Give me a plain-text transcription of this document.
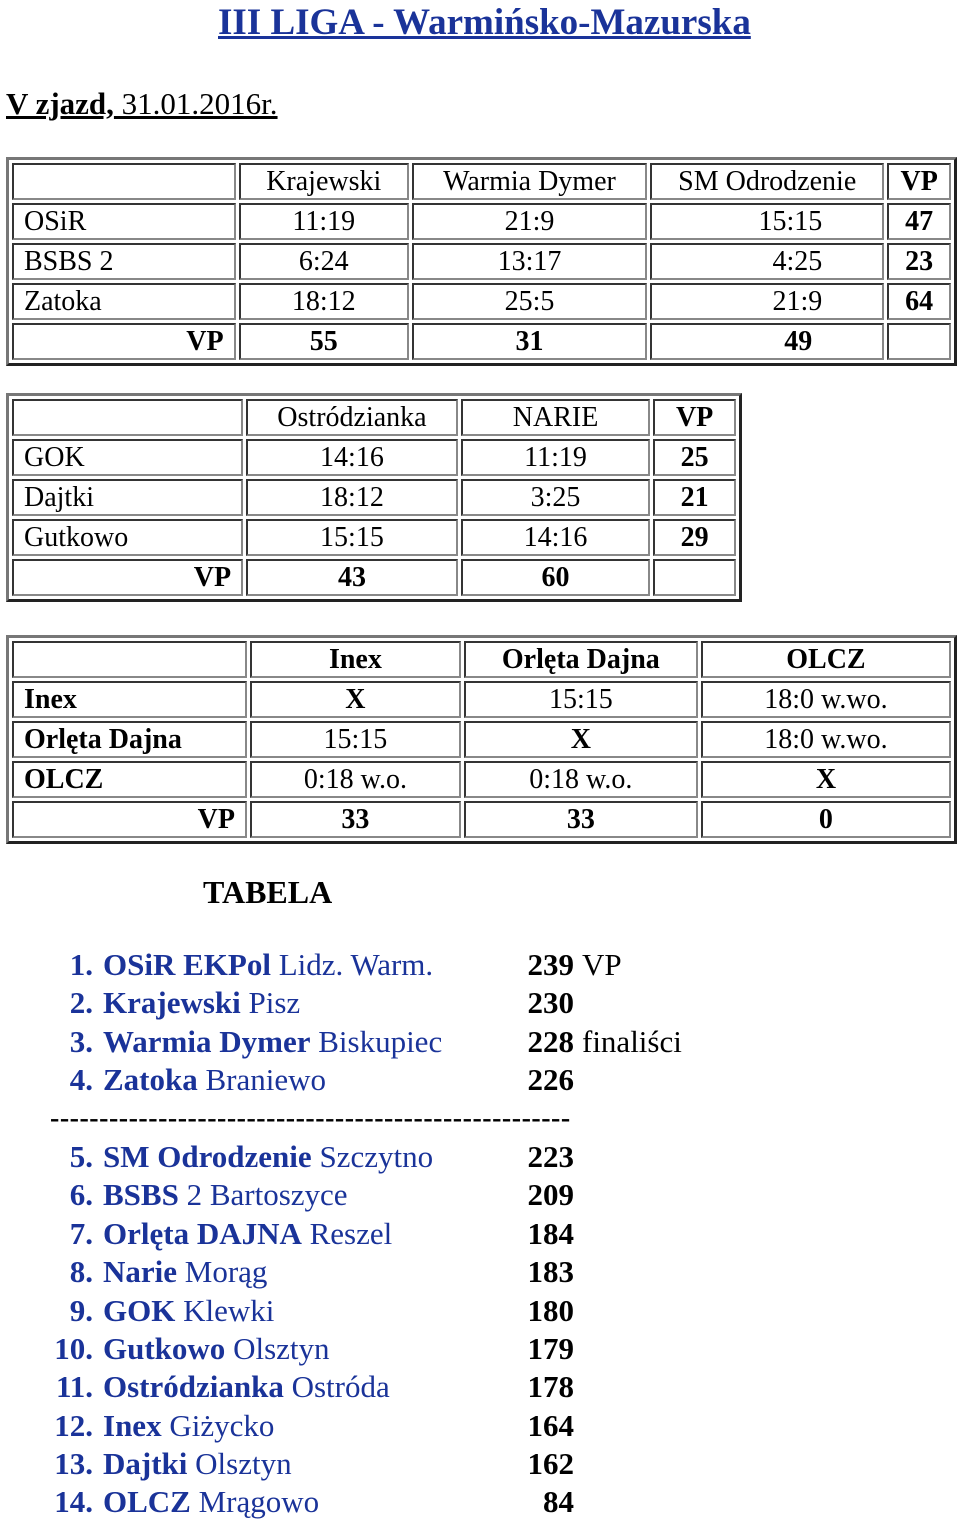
III LIGA - Warmińsko-Mazurska

V zjazd, 31.01.2016r.

	Krajewski	Warmia Dymer	SM Odrodzenie	VP
OSiR	11:19	21:9	15:15	47
BSBS 2	6:24	13:17	4:25	23
Zatoka	18:12	25:5	21:9	64
VP	55	31	49	
	Ostródzianka	NARIE	VP
GOK	14:16	11:19	25
Dajtki	18:12	3:25	21
Gutkowo	15:15	14:16	29
VP	43	60	
	Inex	Orlęta Dajna	OLCZ
Inex	X	15:15	18:0 w.wo.
Orlęta Dajna	15:15	X	18:0 w.wo.
OLCZ	0:18 w.o.	0:18 w.o.	X
VP	33	33	0
TABELA
1. OSiR EKPol Lidz. Warm.	239 VP
2. Krajewski Pisz	230
3. Warmia Dymer Biskupiec	228 finaliści
4. Zatoka Braniewo	226
-----------------------------------------------------
5. SM Odrodzenie Szczytno	223
6. BSBS 2 Bartoszyce	209
7. Orlęta DAJNA Reszel	184
8. Narie Morąg	183
9. GOK Klewki	180
10. Gutkowo Olsztyn	179
11. Ostródzianka Ostróda	178
12. Inex Giżycko	164
13. Dajtki Olsztyn	162
14. OLCZ Mrągowo	84
